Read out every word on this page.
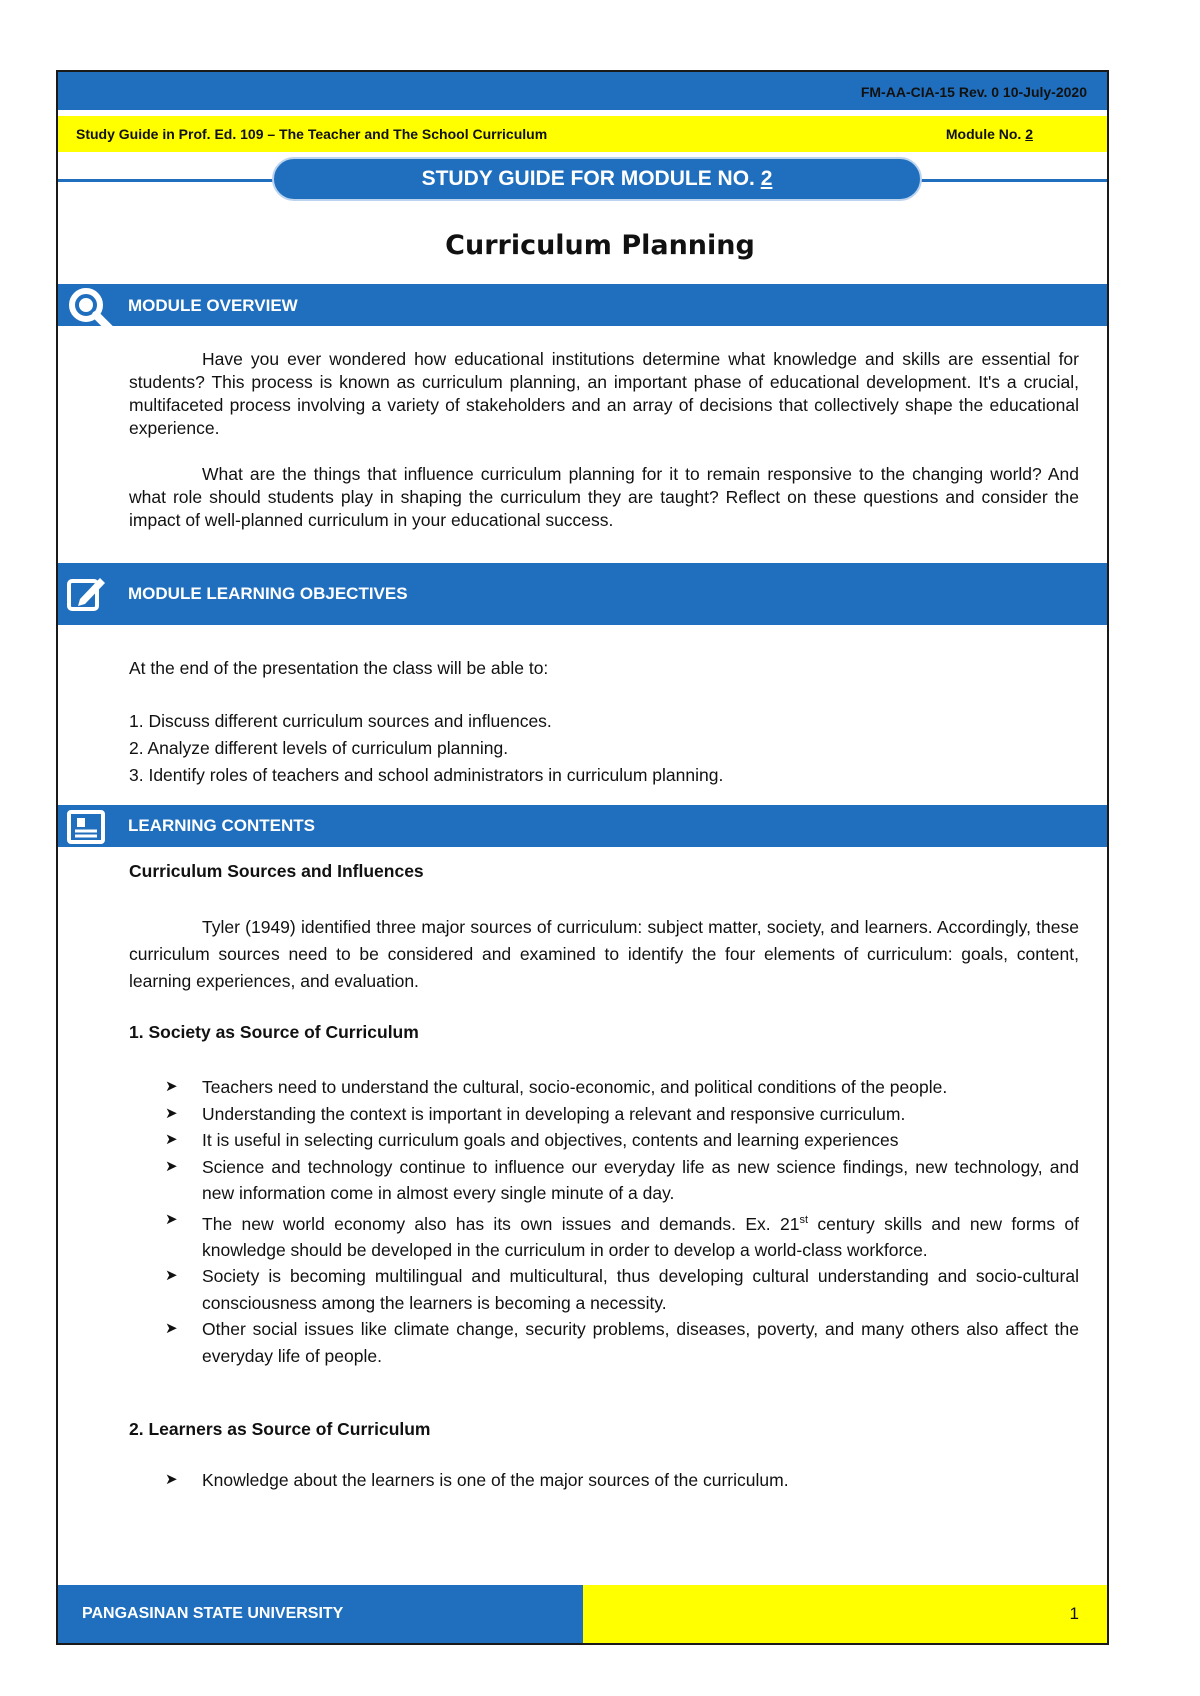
FM-AA-CIA-15 Rev. 0 10-July-2020
Study Guide in Prof. Ed. 109 – The Teacher and The School Curriculum	Module No. 2
STUDY GUIDE FOR MODULE NO. 2
Curriculum Planning
MODULE OVERVIEW

Have you ever wondered how educational institutions determine what knowledge and skills are essential for students? This process is known as curriculum planning, an important phase of educational development. It's a crucial, multifaceted process involving a variety of stakeholders and an array of decisions that collectively shape the educational experience.

What are the things that influence curriculum planning for it to remain responsive to the changing world? And what role should students play in shaping the curriculum they are taught? Reflect on these questions and consider the impact of well-planned curriculum in your educational success.

MODULE LEARNING OBJECTIVES
At the end of the presentation the class will be able to:
1. Discuss different curriculum sources and influences.
2. Analyze different levels of curriculum planning.
3. Identify roles of teachers and school administrators in curriculum planning.
LEARNING CONTENTS
Curriculum Sources and Influences
Tyler (1949) identified three major sources of curriculum: subject matter, society, and learners. Accordingly, these curriculum sources need to be considered and examined to identify the four elements of curriculum: goals, content, learning experiences, and evaluation.
1. Society as Source of Curriculum
➤ Teachers need to understand the cultural, socio-economic, and political conditions of the people.
➤ Understanding the context is important in developing a relevant and responsive curriculum.
➤ It is useful in selecting curriculum goals and objectives, contents and learning experiences
➤ Science and technology continue to influence our everyday life as new science findings, new technology, and new information come in almost every single minute of a day.
➤ The new world economy also has its own issues and demands. Ex. 21st century skills and new forms of knowledge should be developed in the curriculum in order to develop a world-class workforce.
➤ Society is becoming multilingual and multicultural, thus developing cultural understanding and socio-cultural consciousness among the learners is becoming a necessity.
➤ Other social issues like climate change, security problems, diseases, poverty, and many others also affect the everyday life of people.
2. Learners as Source of Curriculum
➤ Knowledge about the learners is one of the major sources of the curriculum.
PANGASINAN STATE UNIVERSITY	1
